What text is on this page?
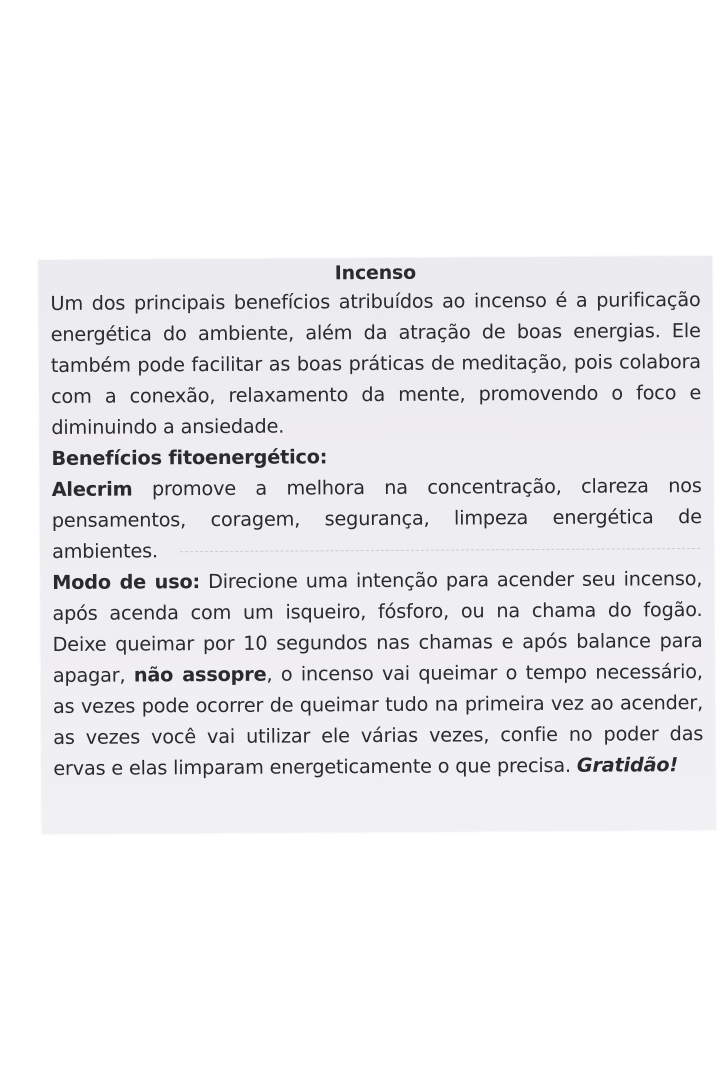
Incenso

Um dos principais benefícios atribuídos ao incenso é a purificação energética do ambiente, além da atração de boas energias. Ele também pode facilitar as boas práticas de meditação, pois colabora com a conexão, relaxamento da mente, promovendo o foco e diminuindo a ansiedade.

Benefícios fitoenergético:

Alecrim promove a melhora na concentração, clareza nos pensamentos, coragem, segurança, limpeza energética de ambientes.

Modo de uso: Direcione uma intenção para acender seu incenso, após acenda com um isqueiro, fósforo, ou na chama do fogão. Deixe queimar por 10 segundos nas chamas e após balance para apagar, não assopre, o incenso vai queimar o tempo necessário, as vezes pode ocorrer de queimar tudo na primeira vez ao acender, as vezes você vai utilizar ele várias vezes, confie no poder das ervas e elas limparam energeticamente o que precisa. Gratidão!
